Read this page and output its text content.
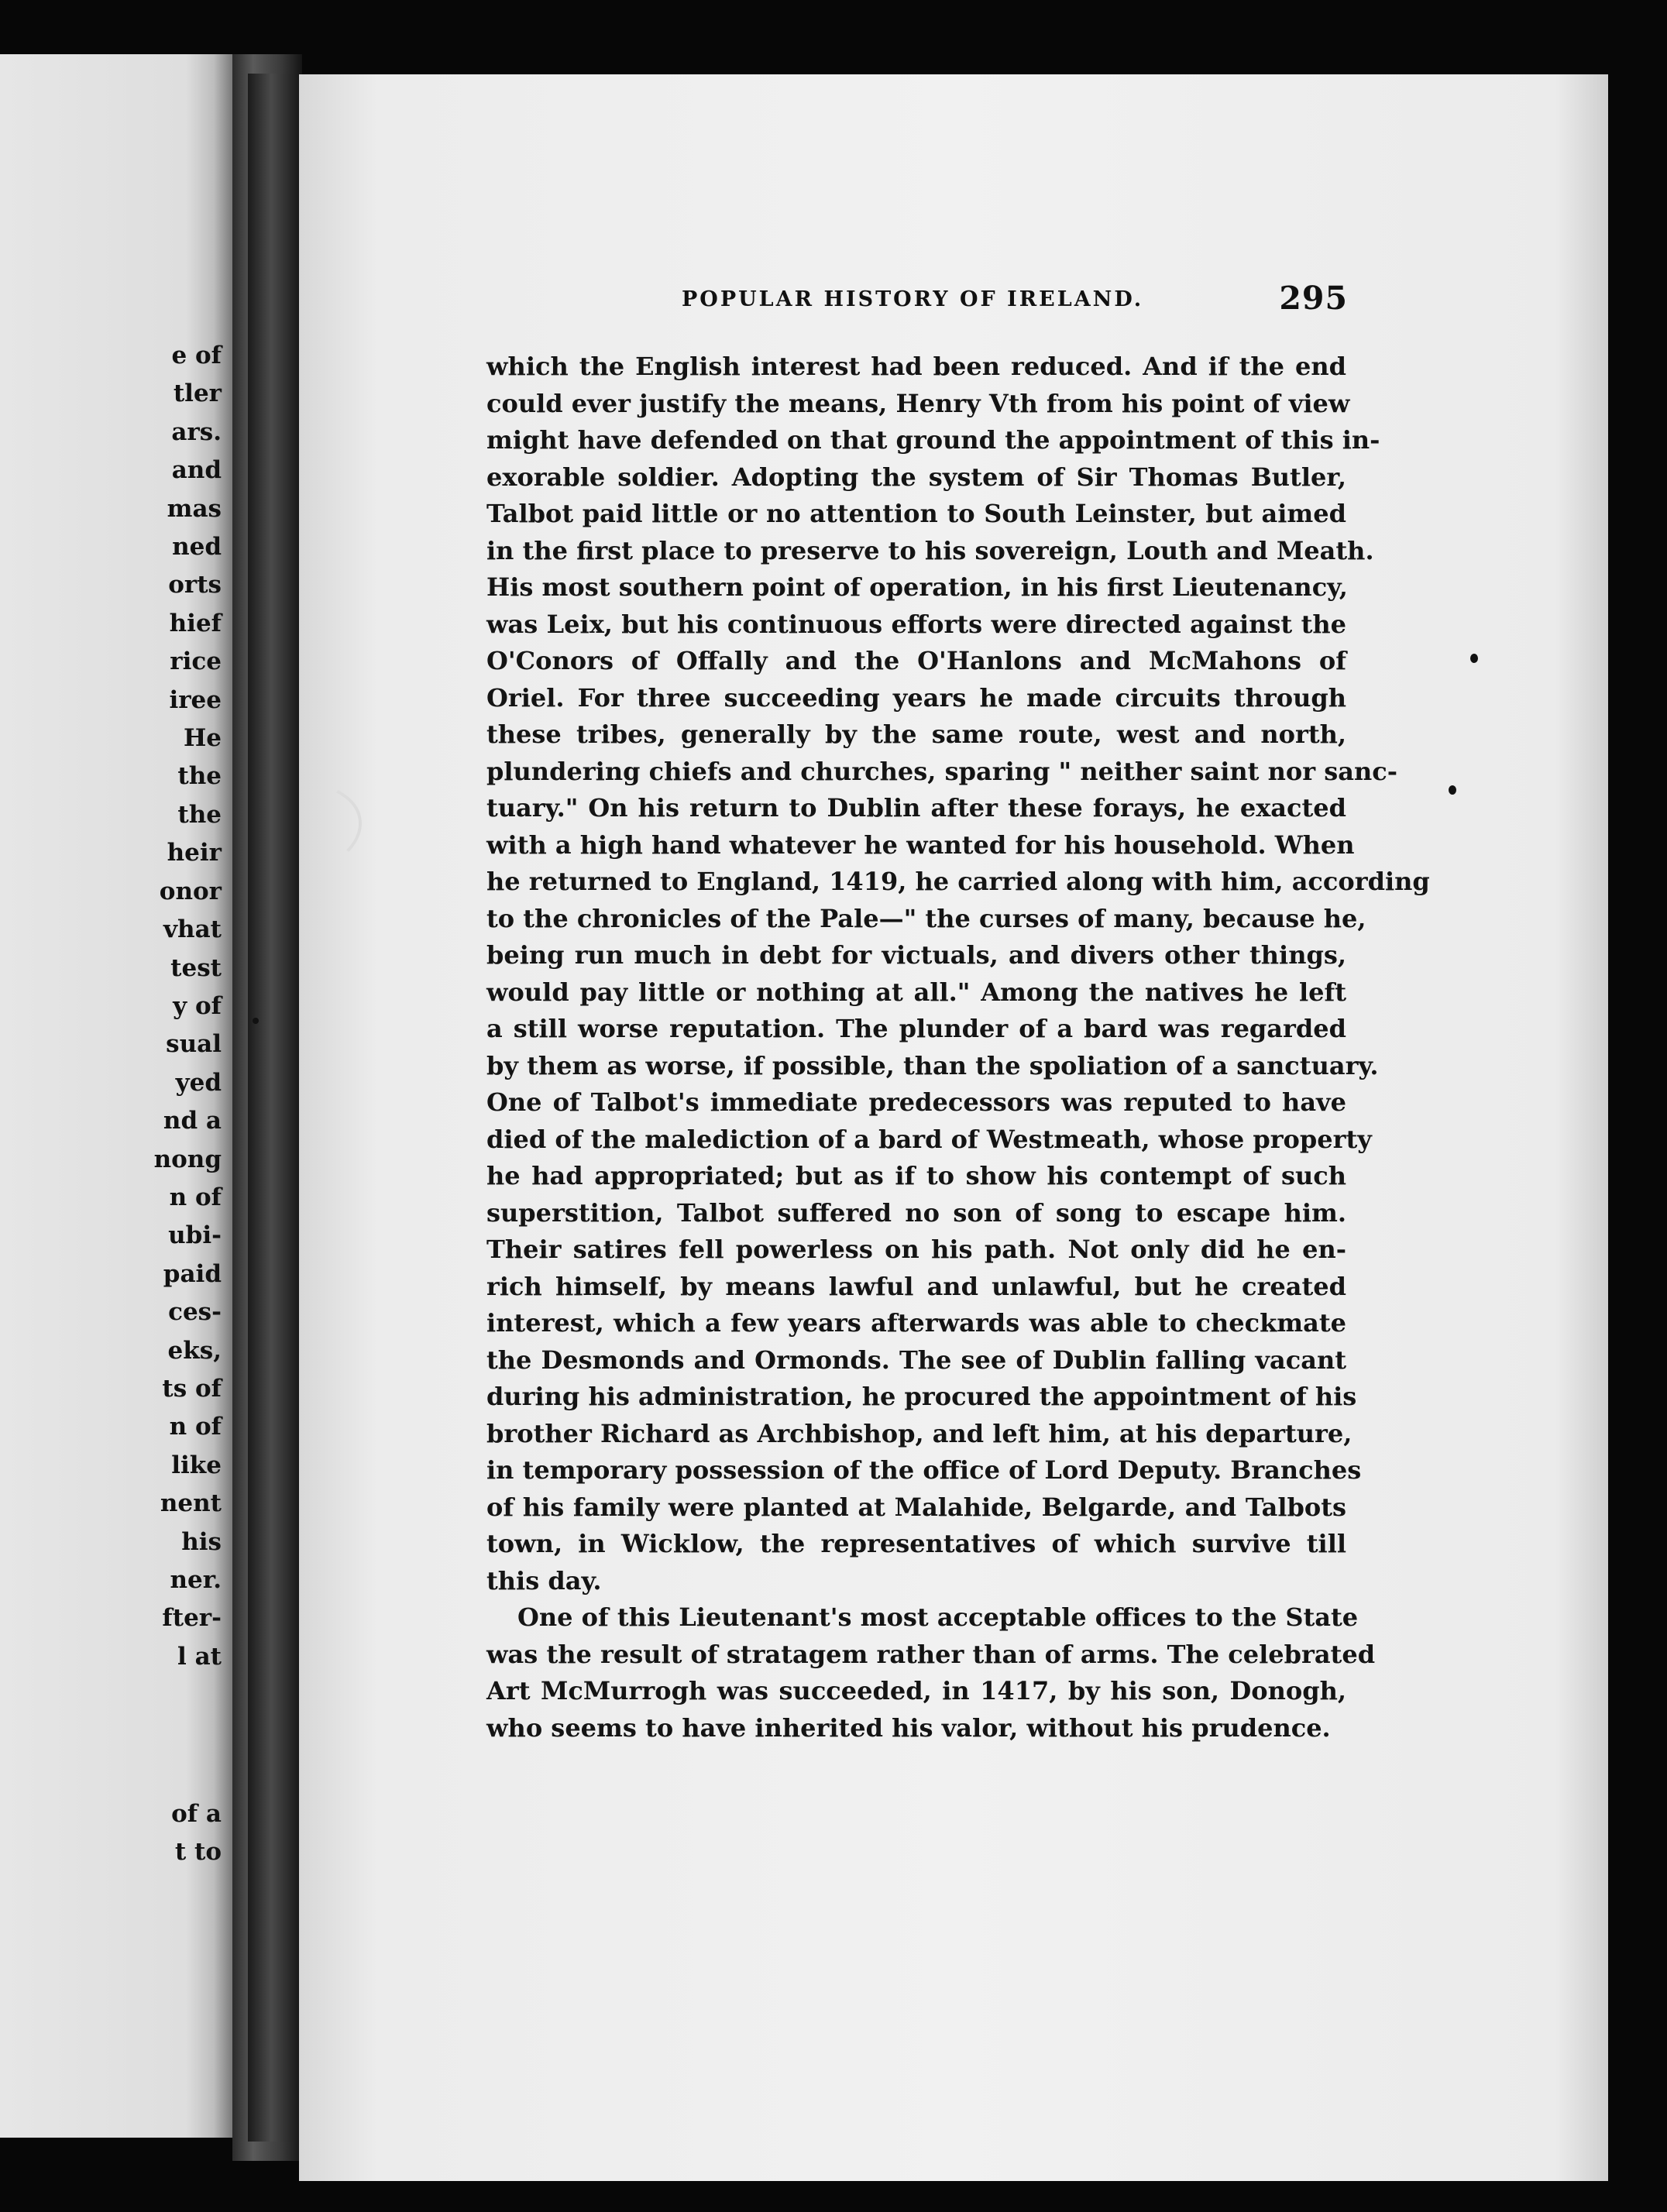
e of
tler
ars.
and
mas
ned
orts
hief
rice
iree
He
the
the
heir
onor
vhat
test
y of
sual
yed
nd a
nong
n of
ubi-
paid
ces-
eks,
ts of
n of
like
nent
his
ner.
fter-
l at
of a
t to
POPULAR HISTORY OF IRELAND.	295
which the English interest had been reduced. And if the end
could ever justify the means, Henry Vth from his point of view
might have defended on that ground the appointment of this in-
exorable soldier. Adopting the system of Sir Thomas Butler,
Talbot paid little or no attention to South Leinster, but aimed
in the first place to preserve to his sovereign, Louth and Meath.
His most southern point of operation, in his first Lieutenancy,
was Leix, but his continuous efforts were directed against the
O'Conors of Offally and the O'Hanlons and McMahons of
Oriel. For three succeeding years he made circuits through
these tribes, generally by the same route, west and north,
plundering chiefs and churches, sparing " neither saint nor sanc-
tuary." On his return to Dublin after these forays, he exacted
with a high hand whatever he wanted for his household. When
he returned to England, 1419, he carried along with him, according
to the chronicles of the Pale—" the curses of many, because he,
being run much in debt for victuals, and divers other things,
would pay little or nothing at all." Among the natives he left
a still worse reputation. The plunder of a bard was regarded
by them as worse, if possible, than the spoliation of a sanctuary.
One of Talbot's immediate predecessors was reputed to have
died of the malediction of a bard of Westmeath, whose property
he had appropriated; but as if to show his contempt of such
superstition, Talbot suffered no son of song to escape him.
Their satires fell powerless on his path. Not only did he en-
rich himself, by means lawful and unlawful, but he created
interest, which a few years afterwards was able to checkmate
the Desmonds and Ormonds. The see of Dublin falling vacant
during his administration, he procured the appointment of his
brother Richard as Archbishop, and left him, at his departure,
in temporary possession of the office of Lord Deputy. Branches
of his family were planted at Malahide, Belgarde, and Talbots
town, in Wicklow, the representatives of which survive till
this day.
One of this Lieutenant's most acceptable offices to the State
was the result of stratagem rather than of arms. The celebrated
Art McMurrogh was succeeded, in 1417, by his son, Donogh,
who seems to have inherited his valor, without his prudence.
